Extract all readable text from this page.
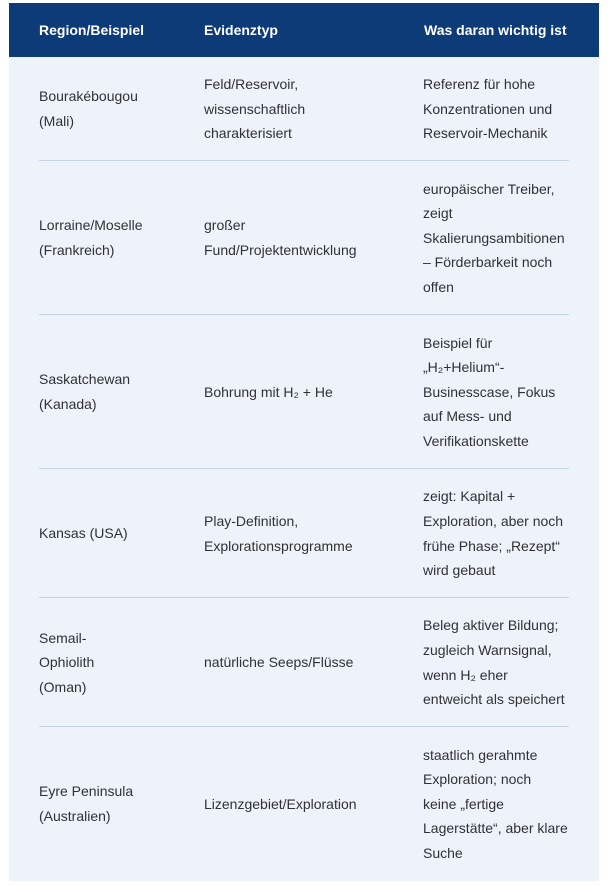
Region/Beispiel	Evidenztyp	Was daran wichtig ist
Bourakébougou
(Mali)
Feld/Reservoir,
wissenschaftlich
charakterisiert
Referenz für hohe
Konzentrationen und
Reservoir-Mechanik
Lorraine/Moselle
(Frankreich)
großer
Fund/Projektentwicklung
europäischer Treiber,
zeigt
Skalierungsambitionen
– Förderbarkeit noch
offen
Saskatchewan
(Kanada)
Bohrung mit H₂ + He
Beispiel für
„H₂+Helium“-
Businesscase, Fokus
auf Mess- und
Verifikationskette
Kansas (USA)
Play-Definition,
Explorationsprogramme
zeigt: Kapital +
Exploration, aber noch
frühe Phase; „Rezept“
wird gebaut
Semail-
Ophiolith
(Oman)
natürliche Seeps/Flüsse
Beleg aktiver Bildung;
zugleich Warnsignal,
wenn H₂ eher
entweicht als speichert
Eyre Peninsula
(Australien)
Lizenzgebiet/Exploration
staatlich gerahmte
Exploration; noch
keine „fertige
Lagerstätte“, aber klare
Suche
